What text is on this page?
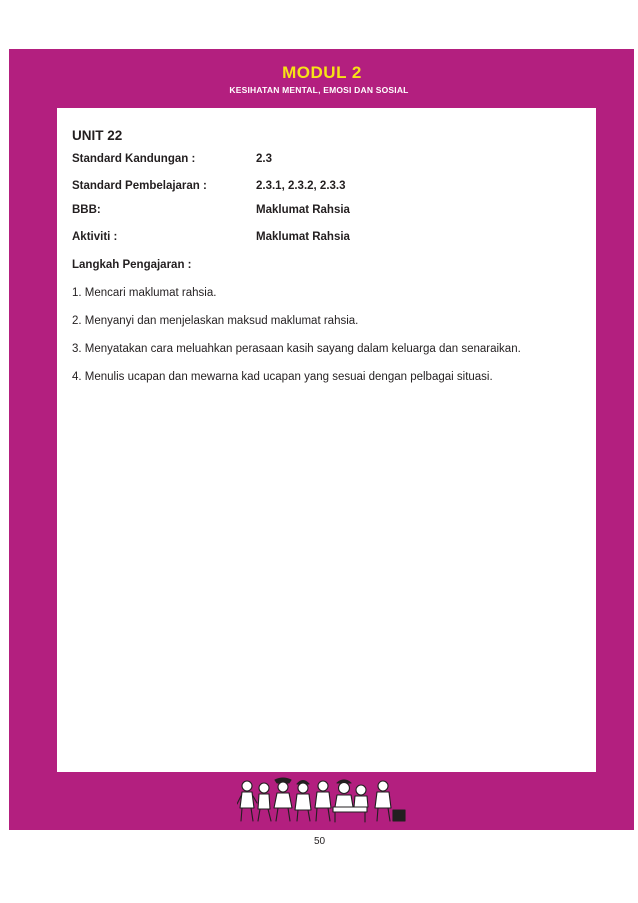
MODUL 2
KESIHATAN MENTAL, EMOSI DAN SOSIAL
UNIT 22
Standard Kandungan :	2.3
Standard Pembelajaran :	2.3.1, 2.3.2, 2.3.3
BBB:	Maklumat Rahsia
Aktiviti :	Maklumat Rahsia
Langkah Pengajaran :
1. Mencari maklumat rahsia.
2. Menyanyi dan menjelaskan maksud maklumat rahsia.
3. Menyatakan cara meluahkan perasaan kasih sayang dalam keluarga dan senaraikan.
4. Menulis ucapan dan mewarna kad ucapan yang sesuai dengan pelbagai situasi.
50
